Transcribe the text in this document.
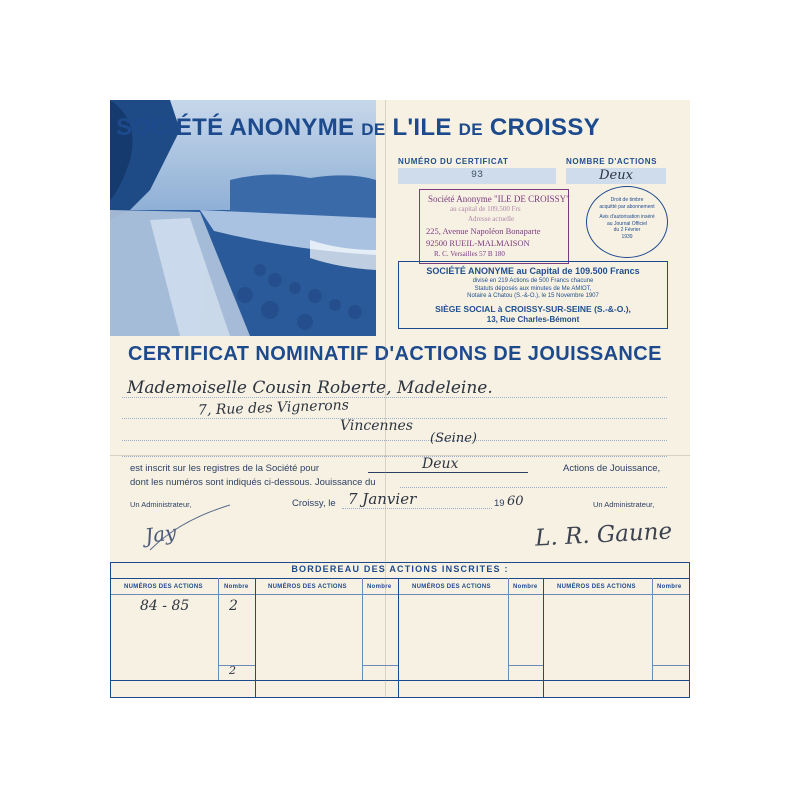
SOCIÉTÉ ANONYME DE L'ILE DE CROISSY
NUMÉRO DU CERTIFICAT
93
NOMBRE D'ACTIONS
Deux
Société Anonyme "ILE DE CROISSY"
au capital de 109.500 Frs
Adresse actuelle
225, Avenue Napoléon Bonaparte
92500 RUEIL-MALMAISON
R. C. Versailles 57 B 180
Droit de timbre
acquitté par abonnement
Avis d'autorisation inséré
au Journal Officiel
du 2 Février
1939
SOCIÉTÉ ANONYME au Capital de 109.500 Francs
divisé en 219 Actions de 500 Francs chacune
Statuts déposés aux minutes de Me AMIOT,
Notaire à Chatou (S.-&-O.), le 15 Novembre 1907
SIÈGE SOCIAL à CROISSY-SUR-SEINE (S.-&-O.),
13, Rue Charles-Bémont
CERTIFICAT NOMINATIF D'ACTIONS DE JOUISSANCE
Mademoiselle Cousin Roberte, Madeleine.
7, Rue des Vignerons
Vincennes
(Seine)
est inscrit sur les registres de la Société pour	Deux	Actions de Jouissance,
dont les numéros sont indiqués ci-dessous. Jouissance du
Un Administrateur,	Croissy, le 7 Janvier	19 60	Un Administrateur,
Jay	L. R. Gaune
BORDEREAU DES ACTIONS INSCRITES :
NUMÉROS DES ACTIONS	Nombre	NUMÉROS DES ACTIONS	Nombre	NUMÉROS DES ACTIONS	Nombre	NUMÉROS DES ACTIONS	Nombre
84 - 85	2
2
